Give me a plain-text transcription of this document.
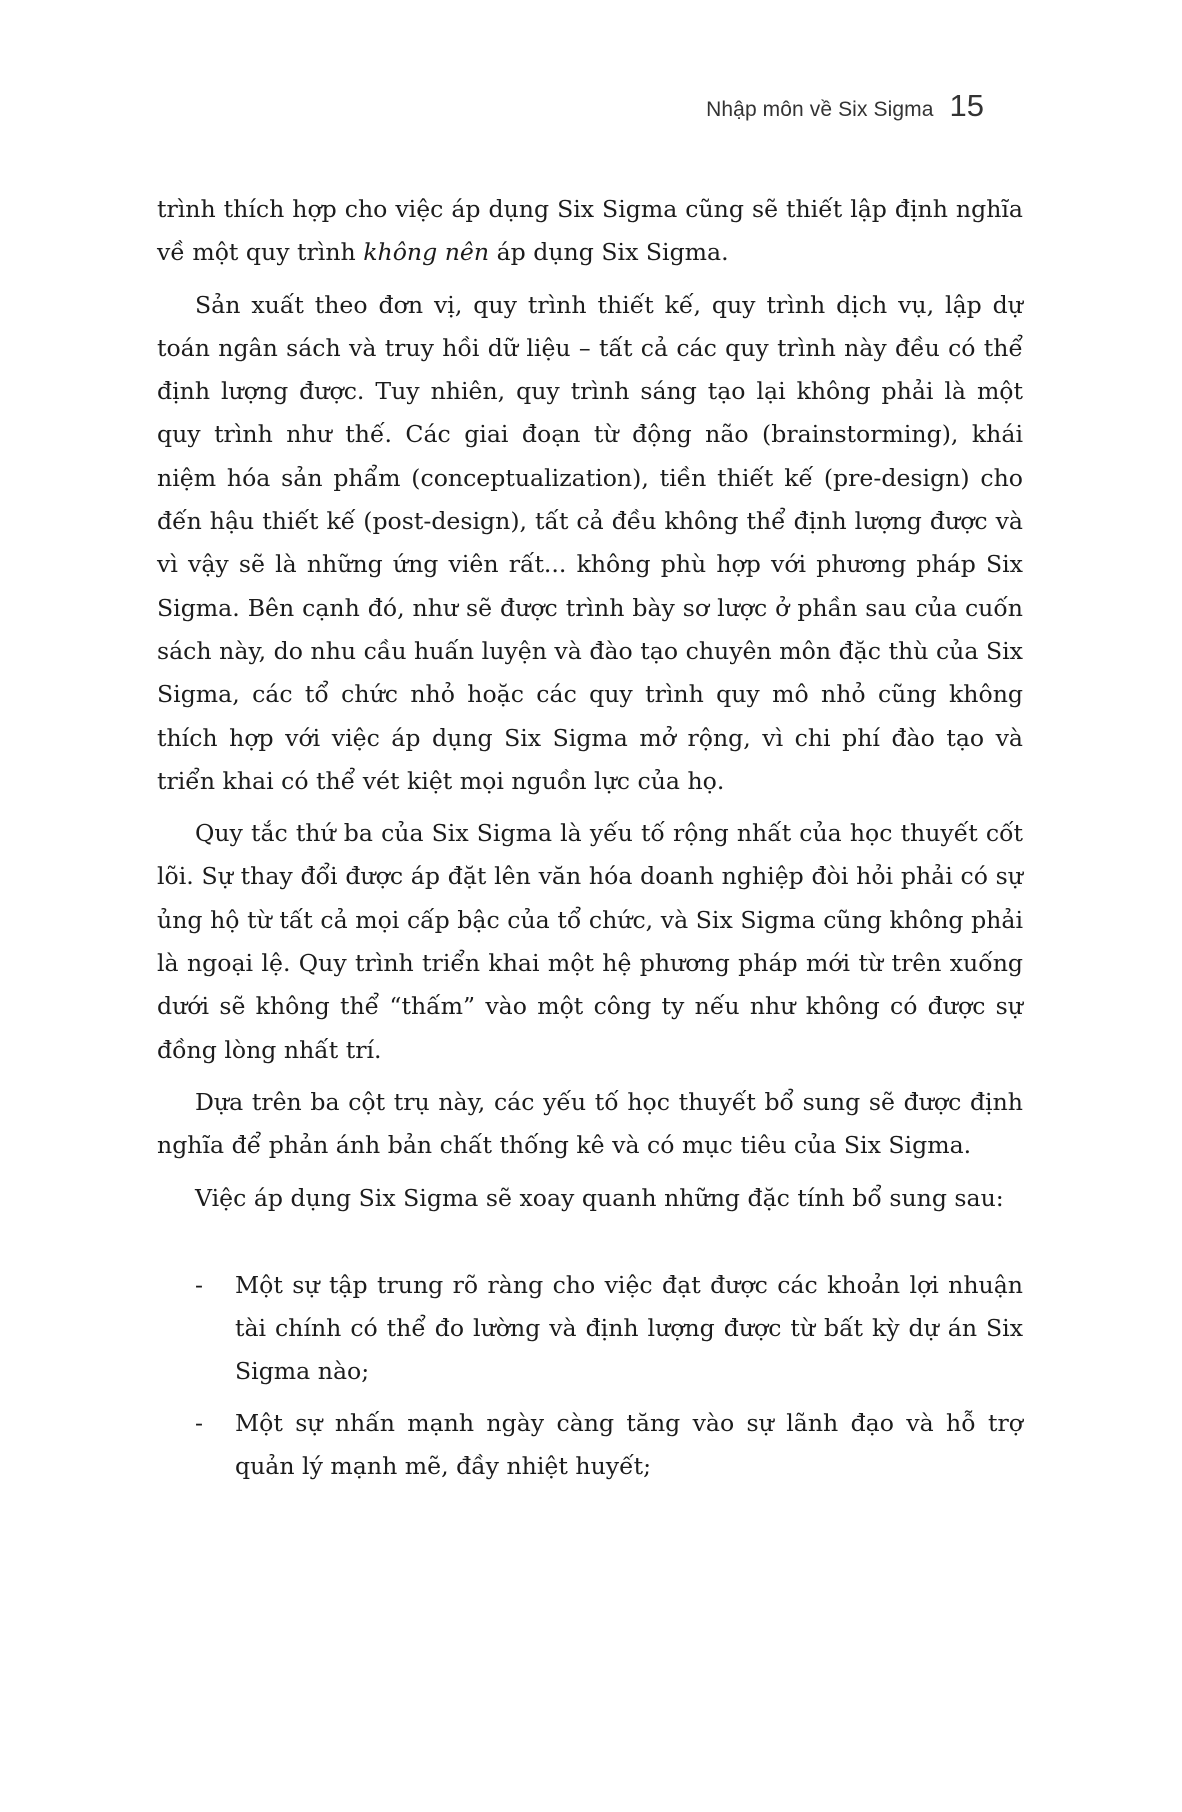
Nhập môn về Six Sigma 15

trình thích hợp cho việc áp dụng Six Sigma cũng sẽ thiết lập định nghĩa về một quy trình không nên áp dụng Six Sigma.

Sản xuất theo đơn vị, quy trình thiết kế, quy trình dịch vụ, lập dự toán ngân sách và truy hồi dữ liệu – tất cả các quy trình này đều có thể định lượng được. Tuy nhiên, quy trình sáng tạo lại không phải là một quy trình như thế. Các giai đoạn từ động não (brainstorming), khái niệm hóa sản phẩm (conceptualization), tiền thiết kế (pre-design) cho đến hậu thiết kế (post-design), tất cả đều không thể định lượng được và vì vậy sẽ là những ứng viên rất... không phù hợp với phương pháp Six Sigma. Bên cạnh đó, như sẽ được trình bày sơ lược ở phần sau của cuốn sách này, do nhu cầu huấn luyện và đào tạo chuyên môn đặc thù của Six Sigma, các tổ chức nhỏ hoặc các quy trình quy mô nhỏ cũng không thích hợp với việc áp dụng Six Sigma mở rộng, vì chi phí đào tạo và triển khai có thể vét kiệt mọi nguồn lực của họ.

Quy tắc thứ ba của Six Sigma là yếu tố rộng nhất của học thuyết cốt lõi. Sự thay đổi được áp đặt lên văn hóa doanh nghiệp đòi hỏi phải có sự ủng hộ từ tất cả mọi cấp bậc của tổ chức, và Six Sigma cũng không phải là ngoại lệ. Quy trình triển khai một hệ phương pháp mới từ trên xuống dưới sẽ không thể “thấm” vào một công ty nếu như không có được sự đồng lòng nhất trí.

Dựa trên ba cột trụ này, các yếu tố học thuyết bổ sung sẽ được định nghĩa để phản ánh bản chất thống kê và có mục tiêu của Six Sigma.

Việc áp dụng Six Sigma sẽ xoay quanh những đặc tính bổ sung sau:

- Một sự tập trung rõ ràng cho việc đạt được các khoản lợi nhuận tài chính có thể đo lường và định lượng được từ bất kỳ dự án Six Sigma nào;
- Một sự nhấn mạnh ngày càng tăng vào sự lãnh đạo và hỗ trợ quản lý mạnh mẽ, đầy nhiệt huyết;
